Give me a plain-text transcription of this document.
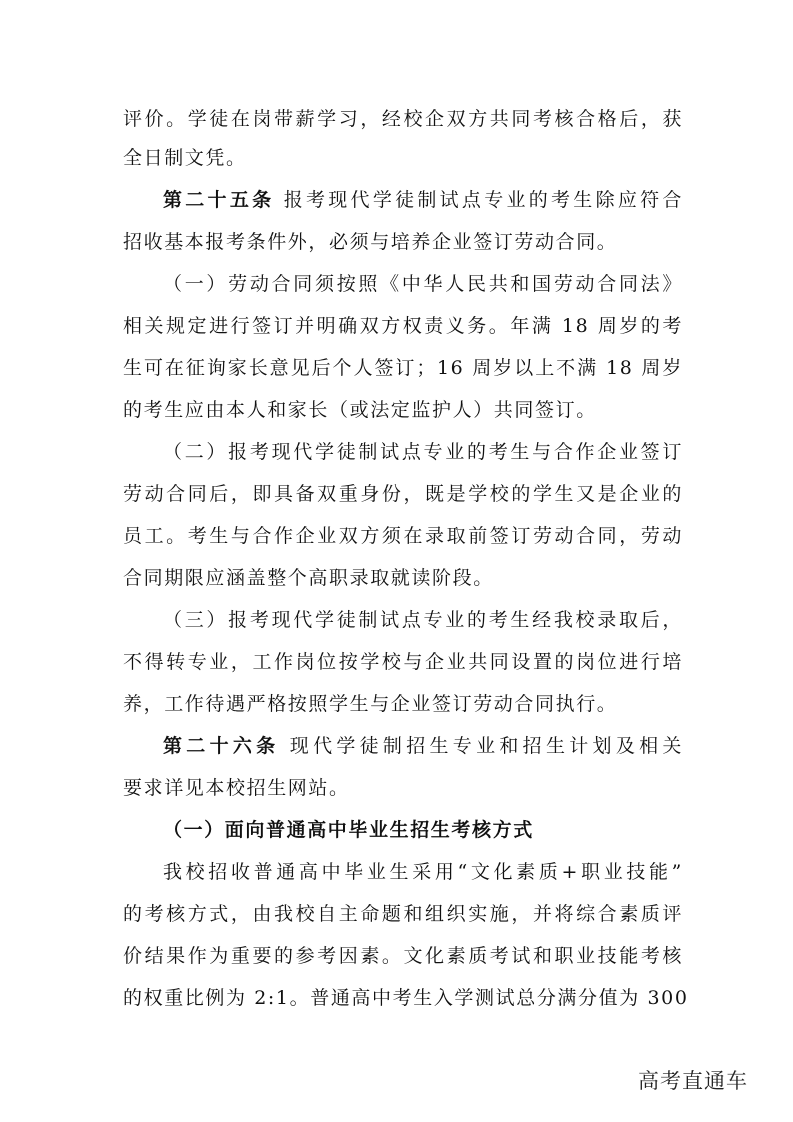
评价。学徒在岗带薪学习，经校企双方共同考核合格后，获
全日制文凭。
第二十五条 报考现代学徒制试点专业的考生除应符合
招收基本报考条件外，必须与培养企业签订劳动合同。
（一）劳动合同须按照《中华人民共和国劳动合同法》
相关规定进行签订并明确双方权责义务。年满 18 周岁的考
生可在征询家长意见后个人签订；16 周岁以上不满 18 周岁
的考生应由本人和家长（或法定监护人）共同签订。
（二）报考现代学徒制试点专业的考生与合作企业签订
劳动合同后，即具备双重身份，既是学校的学生又是企业的
员工。考生与合作企业双方须在录取前签订劳动合同，劳动
合同期限应涵盖整个高职录取就读阶段。
（三）报考现代学徒制试点专业的考生经我校录取后，
不得转专业，工作岗位按学校与企业共同设置的岗位进行培
养，工作待遇严格按照学生与企业签订劳动合同执行。
第二十六条 现代学徒制招生专业和招生计划及相关
要求详见本校招生网站。
（一）面向普通高中毕业生招生考核方式
我校招收普通高中毕业生采用“文化素质+职业技能”
的考核方式，由我校自主命题和组织实施，并将综合素质评
价结果作为重要的参考因素。文化素质考试和职业技能考核
的权重比例为 2:1。普通高中考生入学测试总分满分值为 300
高考直通车
